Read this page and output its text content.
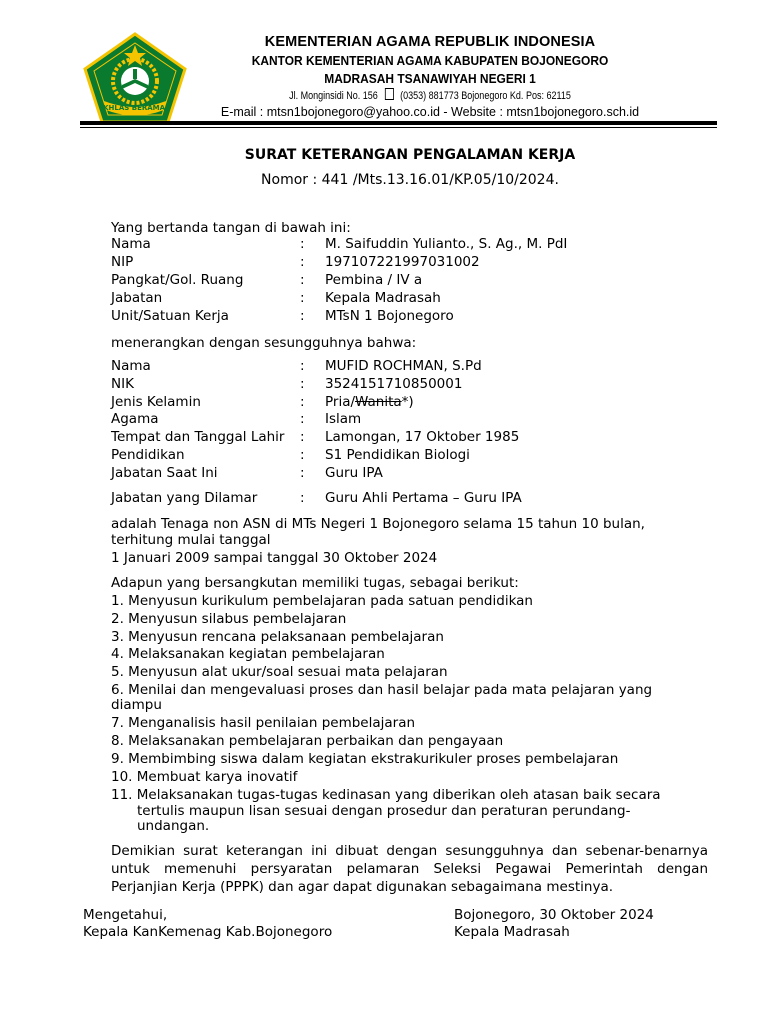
IKHLAS BERAMAL
KEMENTERIAN AGAMA REPUBLIK INDONESIA
KANTOR KEMENTERIAN AGAMA KABUPATEN BOJONEGORO
MADRASAH TSANAWIYAH NEGERI 1
Jl. Monginsidi No. 156 (0353) 881773 Bojonegoro Kd. Pos: 62115
E-mail : mtsn1bojonegoro@yahoo.co.id - Website : mtsn1bojonegoro.sch.id
SURAT KETERANGAN PENGALAMAN KERJA
Nomor : 441 /Mts.13.16.01/KP.05/10/2024.
Yang bertanda tangan di bawah ini:
Nama	: M. Saifuddin Yulianto., S. Ag., M. PdI
NIP	: 197107221997031002
Pangkat/Gol. Ruang	: Pembina / IV a
Jabatan	: Kepala Madrasah
Unit/Satuan Kerja	: MTsN 1 Bojonegoro
menerangkan dengan sesungguhnya bahwa:
Nama	: MUFID ROCHMAN, S.Pd
NIK	: 3524151710850001
Jenis Kelamin	: Pria/Wanita*)
Agama	: Islam
Tempat dan Tanggal Lahir : Lamongan, 17 Oktober 1985
Pendidikan	: S1 Pendidikan Biologi
Jabatan Saat Ini	: Guru IPA
Jabatan yang Dilamar	: Guru Ahli Pertama – Guru IPA
adalah Tenaga non ASN di MTs Negeri 1 Bojonegoro selama 15 tahun 10 bulan,
terhitung mulai tanggal
1 Januari 2009 sampai tanggal 30 Oktober 2024
Adapun yang bersangkutan memiliki tugas, sebagai berikut:
1. Menyusun kurikulum pembelajaran pada satuan pendidikan
2. Menyusun silabus pembelajaran
3. Menyusun rencana pelaksanaan pembelajaran
4. Melaksanakan kegiatan pembelajaran
5. Menyusun alat ukur/soal sesuai mata pelajaran
6. Menilai dan mengevaluasi proses dan hasil belajar pada mata pelajaran yang
diampu
7. Menganalisis hasil penilaian pembelajaran
8. Melaksanakan pembelajaran perbaikan dan pengayaan
9. Membimbing siswa dalam kegiatan ekstrakurikuler proses pembelajaran
10. Membuat karya inovatif
11. Melaksanakan tugas-tugas kedinasan yang diberikan oleh atasan baik secara
tertulis maupun lisan sesuai dengan prosedur dan peraturan perundang-
undangan.
Demikian surat keterangan ini dibuat dengan sesungguhnya dan sebenar-benarnya untuk memenuhi persyaratan pelamaran Seleksi Pegawai Pemerintah dengan Perjanjian Kerja (PPPK) dan agar dapat digunakan sebagaimana mestinya.
Mengetahui,
Kepala KanKemenag Kab.Bojonegoro
Bojonegoro, 30 Oktober 2024
Kepala Madrasah
